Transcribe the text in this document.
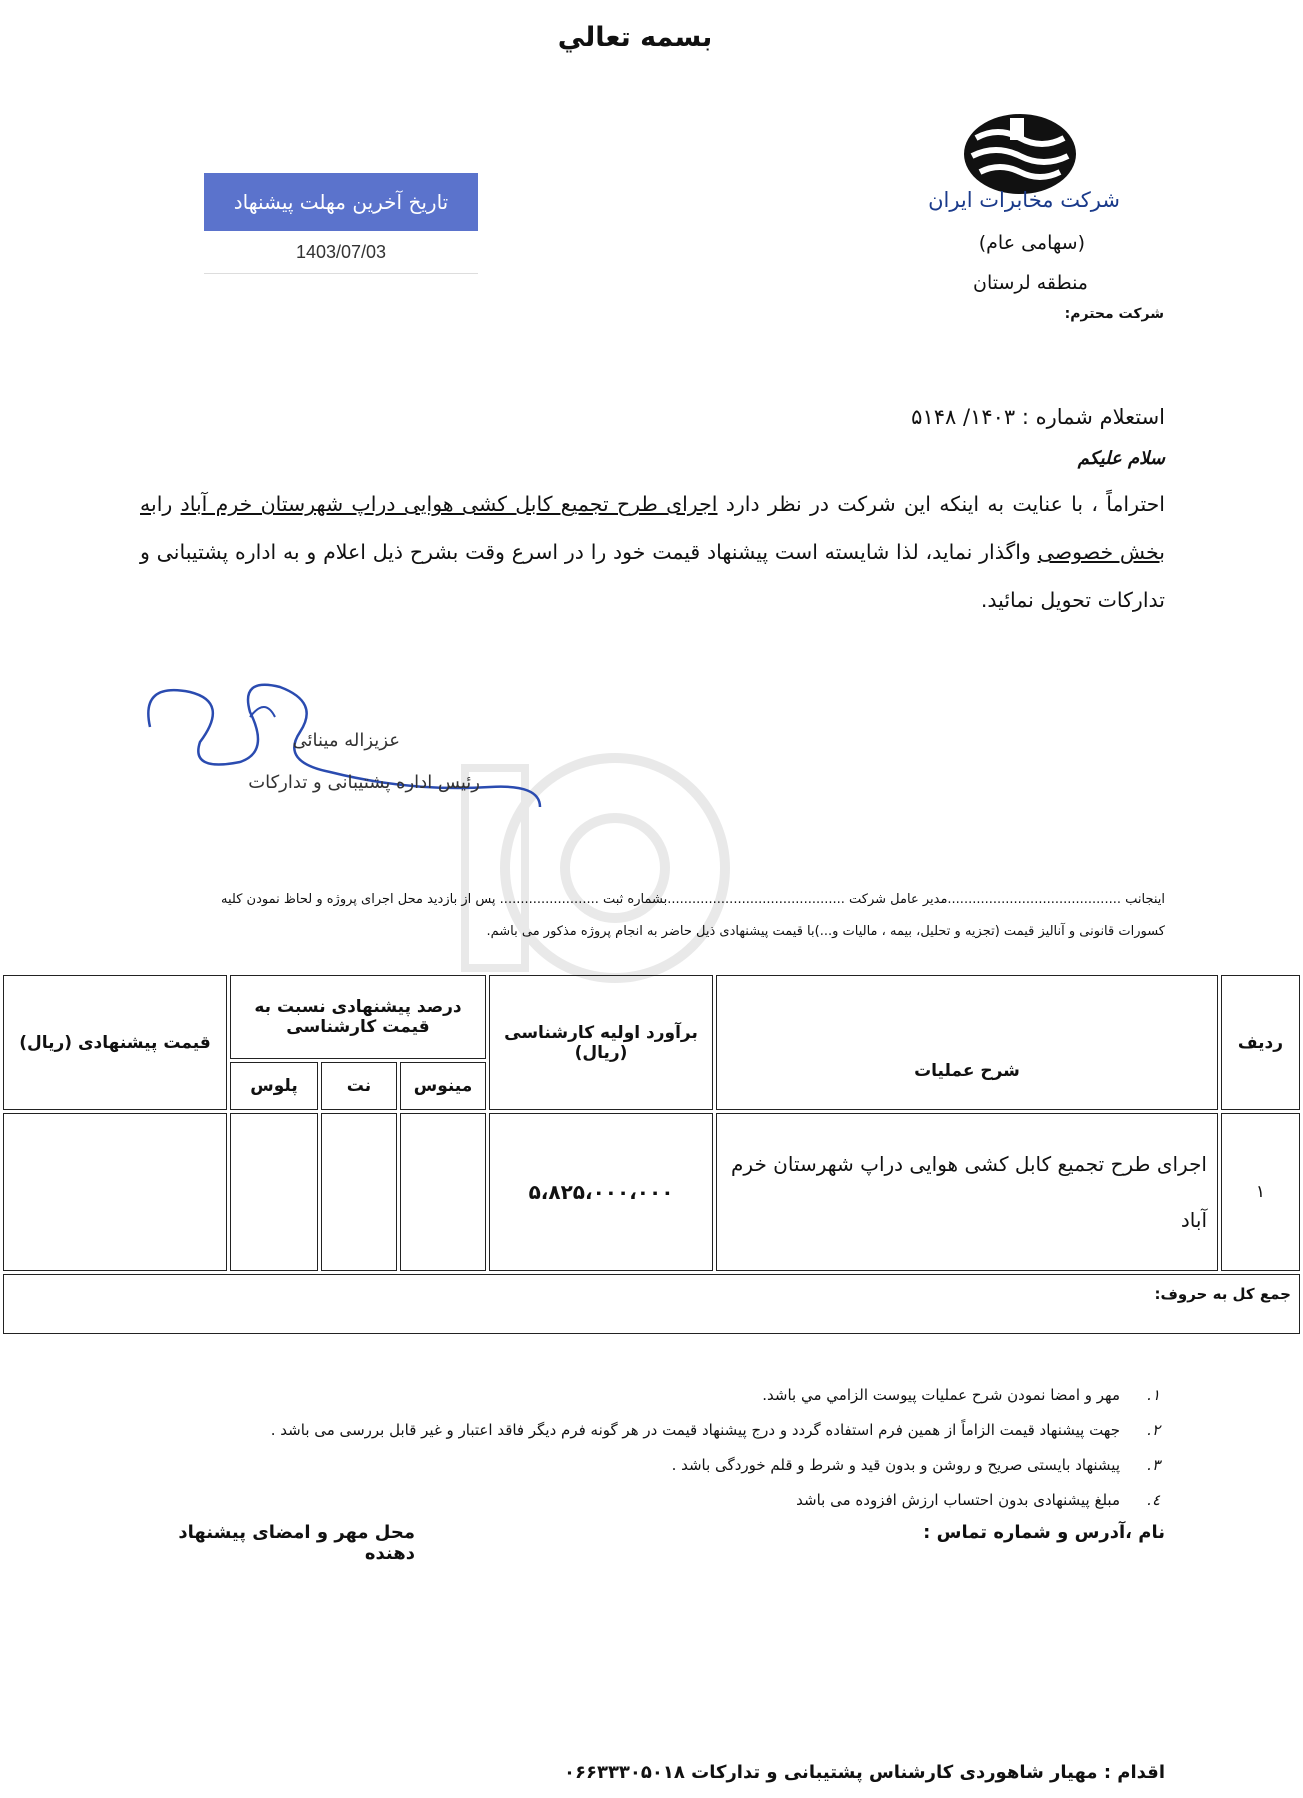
بسمه تعالي
تاریخ آخرین مهلت پیشنهاد
1403/07/03
شرکت مخابرات ایران
(سهامی عام)
منطقه لرستان
شرکت محترم:
استعلام شماره : ۱۴۰۳/ ۵۱۴۸
سلام علیکم
احتراماً ، با عنایت به اینکه این شرکت در نظر دارد اجرای طرح تجمیع کابل کشی هوایی دراپ شهرستان خرم آباد رابه بخش خصوصی واگذار نماید، لذا شایسته است پیشنهاد قیمت خود را در اسرع وقت بشرح ذیل اعلام و به اداره پشتیبانی و تدارکات تحویل نمائید.
عزیزاله مینائی
رئیس اداره پشتیبانی و تدارکات
اینجانب ..........................................مدیر عامل شرکت ...........................................بشماره ثبت ........................ پس از بازدید محل اجرای پروژه و لحاظ نمودن کلیه
کسورات قانونی و آنالیز قیمت (تجزیه و تحلیل، بیمه ، مالیات و...)با قیمت پیشنهادی ذیل حاضر به انجام پروژه مذکور می باشم.
ردیف	شرح عملیات	برآورد اولیه کارشناسی (ریال)	درصد پیشنهادی نسبت به قیمت کارشناسی			قیمت پیشنهادی (ریال)
			مینوس	نت	پلوس	
۱	اجرای طرح تجمیع کابل کشی هوایی دراپ شهرستان خرم آباد	۵،۸۲۵،۰۰۰،۰۰۰				
جمع کل به حروف:						
۱.
مهر و امضا نمودن شرح عملیات پیوست الزامي مي باشد.
۲.
جهت پیشنهاد قیمت الزاماً از همین فرم استفاده گردد و درج پیشنهاد قیمت در هر گونه فرم دیگر فاقد اعتبار و غیر قابل بررسی می باشد .
۳.
پیشنهاد بایستی صریح و روشن و بدون قید و شرط و قلم خوردگی باشد .
٤.
مبلغ پیشنهادی بدون احتساب ارزش افزوده می باشد
نام ،آدرس و شماره تماس :
محل مهر و امضای پیشنهاد دهنده
اقدام : مهیار شاهوردی کارشناس پشتیبانی و تدارکات ۰۶۶۳۳۳۰۵۰۱۸
